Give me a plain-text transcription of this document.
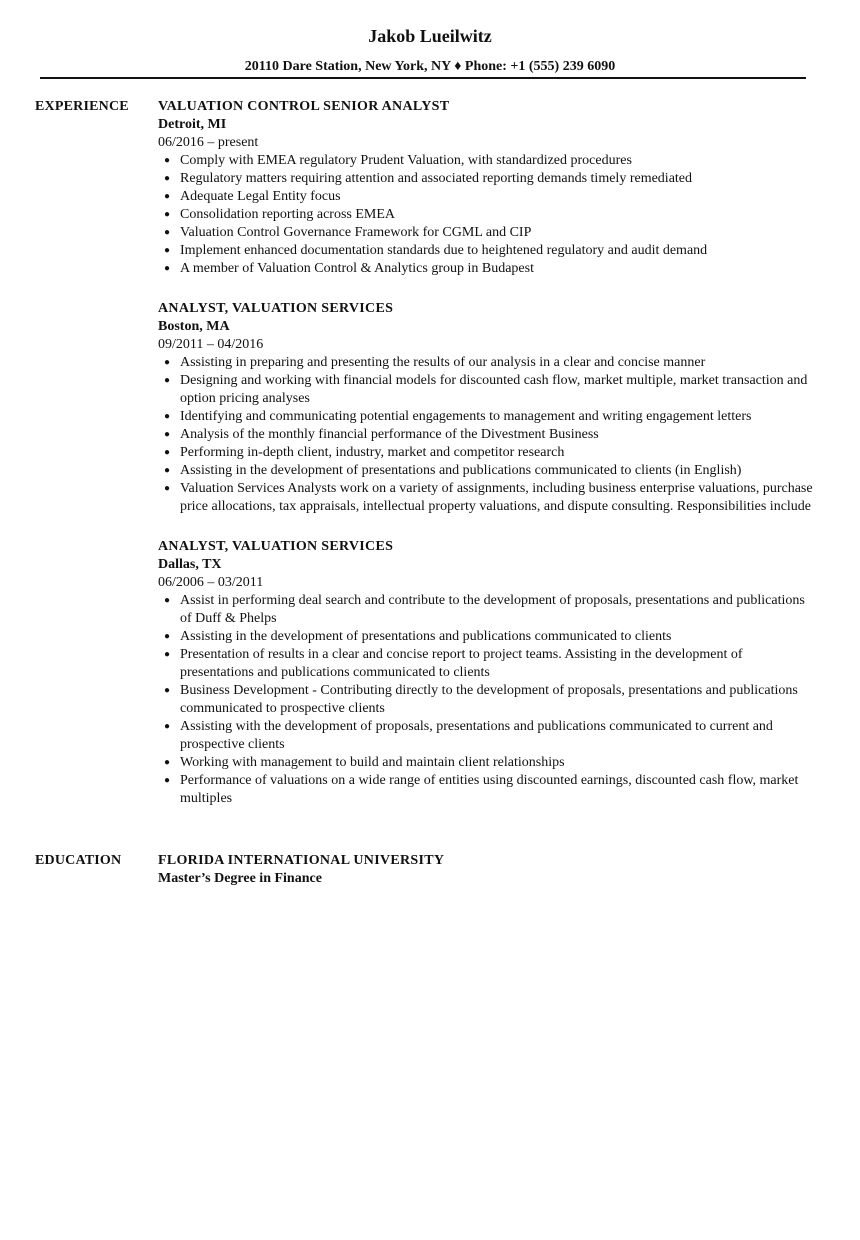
Jakob Lueilwitz
20110 Dare Station, New York, NY ♦ Phone: +1 (555) 239 6090
EXPERIENCE VALUATION CONTROL SENIOR ANALYST
Detroit, MI
06/2016 – present
● Comply with EMEA regulatory Prudent Valuation, with standardized procedures
● Regulatory matters requiring attention and associated reporting demands timely remediated
● Adequate Legal Entity focus
● Consolidation reporting across EMEA
● Valuation Control Governance Framework for CGML and CIP
● Implement enhanced documentation standards due to heightened regulatory and audit demand
● A member of Valuation Control & Analytics group in Budapest
ANALYST, VALUATION SERVICES
Boston, MA
09/2011 – 04/2016
● Assisting in preparing and presenting the results of our analysis in a clear and concise manner
● Designing and working with financial models for discounted cash flow, market multiple, market transaction and option pricing analyses
● Identifying and communicating potential engagements to management and writing engagement letters
● Analysis of the monthly financial performance of the Divestment Business
● Performing in-depth client, industry, market and competitor research
● Assisting in the development of presentations and publications communicated to clients (in English)
● Valuation Services Analysts work on a variety of assignments, including business enterprise valuations, purchase price allocations, tax appraisals, intellectual property valuations, and dispute consulting. Responsibilities include
ANALYST, VALUATION SERVICES
Dallas, TX
06/2006 – 03/2011
● Assist in performing deal search and contribute to the development of proposals, presentations and publications of Duff & Phelps
● Assisting in the development of presentations and publications communicated to clients
● Presentation of results in a clear and concise report to project teams. Assisting in the development of presentations and publications communicated to clients
● Business Development - Contributing directly to the development of proposals, presentations and publications communicated to prospective clients
● Assisting with the development of proposals, presentations and publications communicated to current and prospective clients
● Working with management to build and maintain client relationships
● Performance of valuations on a wide range of entities using discounted earnings, discounted cash flow, market multiples
EDUCATION	FLORIDA INTERNATIONAL UNIVERSITY
Master’s Degree in Finance
